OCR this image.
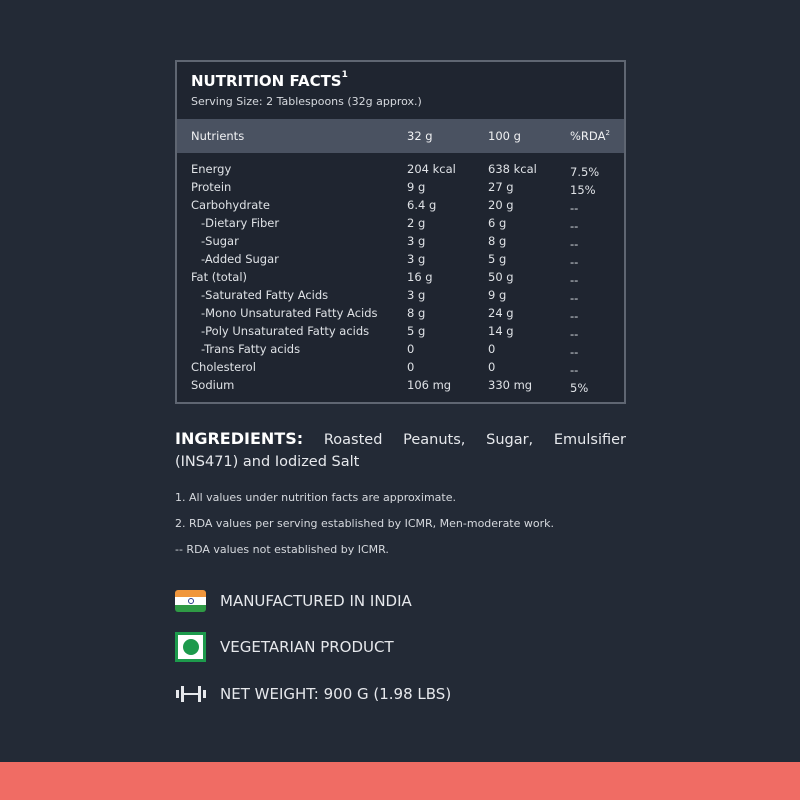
NUTRITION FACTS$^1$
Serving Size: 2 Tablespoons (32g approx.)
Nutrients	32 g	100 g	%RDA$^2$
Energy	204 kcal	638 kcal	7.5%
Protein	9 g	27 g	15%
Carbohydrate	6.4 g	20 g	--
-Dietary Fiber	2 g	6 g	--
-Sugar	3 g	8 g	--
-Added Sugar	3 g	5 g	--
Fat (total)	16 g	50 g	--
-Saturated Fatty Acids	3 g	9 g	--
-Mono Unsaturated Fatty Acids	8 g	24 g	--
-Poly Unsaturated Fatty acids	5 g	14 g	--
-Trans Fatty acids	0	0	--
Cholesterol	0	0	--
Sodium	106 mg	330 mg	5%
INGREDIENTS: Roasted Peanuts, Sugar, Emulsifier (INS471) and Iodized Salt
1. All values under nutrition facts are approximate.
2. RDA values per serving established by ICMR, Men-moderate work.
-- RDA values not established by ICMR.
MANUFACTURED IN INDIA
VEGETARIAN PRODUCT
NET WEIGHT: 900 G (1.98 LBS)
